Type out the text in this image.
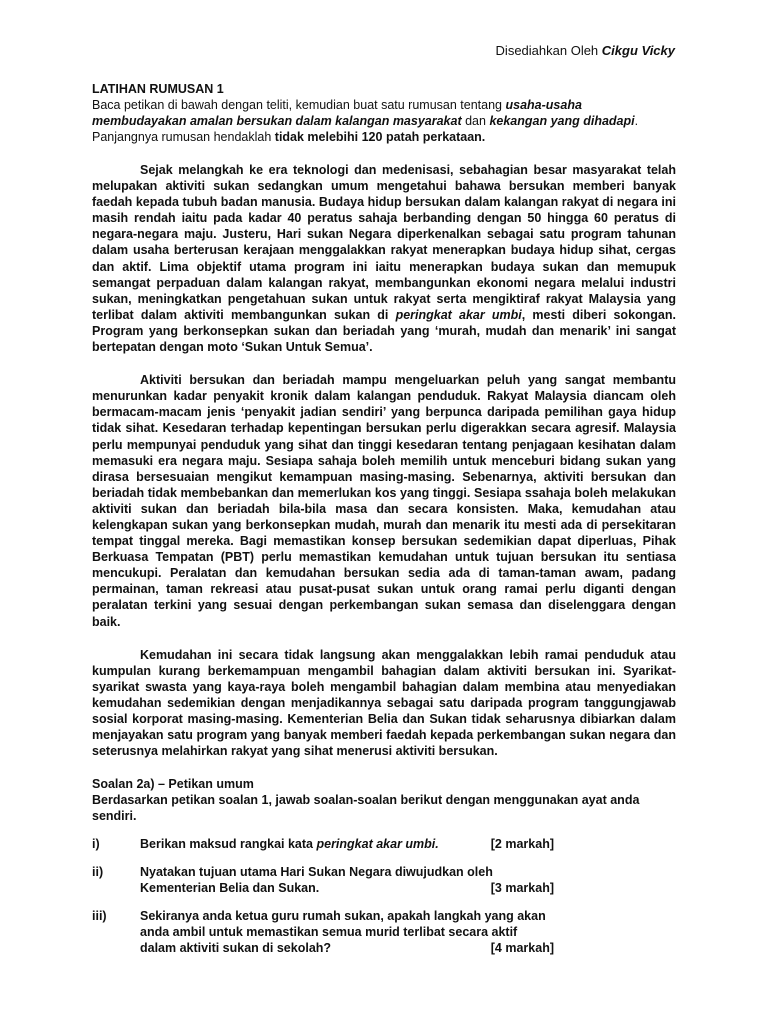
Disediahkan Oleh Cikgu Vicky

LATIHAN RUMUSAN 1

Baca petikan di bawah dengan teliti, kemudian buat satu rumusan tentang usaha-usaha membudayakan amalan bersukan dalam kalangan masyarakat dan kekangan yang dihadapi. Panjangnya rumusan hendaklah tidak melebihi 120 patah perkataan.

Sejak melangkah ke era teknologi dan medenisasi, sebahagian besar masyarakat telah melupakan aktiviti sukan sedangkan umum mengetahui bahawa bersukan memberi banyak faedah kepada tubuh badan manusia. Budaya hidup bersukan dalam kalangan rakyat di negara ini masih rendah iaitu pada kadar 40 peratus sahaja berbanding dengan 50 hingga 60 peratus di negara-negara maju. Justeru, Hari sukan Negara diperkenalkan sebagai satu program tahunan dalam usaha berterusan kerajaan menggalakkan rakyat menerapkan budaya hidup sihat, cergas dan aktif. Lima objektif utama program ini iaitu menerapkan budaya sukan dan memupuk semangat perpaduan dalam kalangan rakyat, membangunkan ekonomi negara melalui industri sukan, meningkatkan pengetahuan sukan untuk rakyat serta mengiktiraf rakyat Malaysia yang terlibat dalam aktiviti membangunkan sukan di peringkat akar umbi, mesti diberi sokongan. Program yang berkonsepkan sukan dan beriadah yang ‘murah, mudah dan menarik’ ini sangat bertepatan dengan moto ‘Sukan Untuk Semua’.

Aktiviti bersukan dan beriadah mampu mengeluarkan peluh yang sangat membantu menurunkan kadar penyakit kronik dalam kalangan penduduk. Rakyat Malaysia diancam oleh bermacam-macam jenis ‘penyakit jadian sendiri’ yang berpunca daripada pemilihan gaya hidup tidak sihat. Kesedaran terhadap kepentingan bersukan perlu digerakkan secara agresif. Malaysia perlu mempunyai penduduk yang sihat dan tinggi kesedaran tentang penjagaan kesihatan dalam memasuki era negara maju. Sesiapa sahaja boleh memilih untuk menceburi bidang sukan yang dirasa bersesuaian mengikut kemampuan masing-masing. Sebenarnya, aktiviti bersukan dan beriadah tidak membebankan dan memerlukan kos yang tinggi. Sesiapa ssahaja boleh melakukan aktiviti sukan dan beriadah bila-bila masa dan secara konsisten. Maka, kemudahan atau kelengkapan sukan yang berkonsepkan mudah, murah dan menarik itu mesti ada di persekitaran tempat tinggal mereka. Bagi memastikan konsep bersukan sedemikian dapat diperluas, Pihak Berkuasa Tempatan (PBT) perlu memastikan kemudahan untuk tujuan bersukan itu sentiasa mencukupi. Peralatan dan kemudahan bersukan sedia ada di taman-taman awam, padang permainan, taman rekreasi atau pusat-pusat sukan untuk orang ramai perlu diganti dengan peralatan terkini yang sesuai dengan perkembangan sukan semasa dan diselenggara dengan baik.

Kemudahan ini secara tidak langsung akan menggalakkan lebih ramai penduduk atau kumpulan kurang berkemampuan mengambil bahagian dalam aktiviti bersukan ini. Syarikat-syarikat swasta yang kaya-raya boleh mengambil bahagian dalam membina atau menyediakan kemudahan sedemikian dengan menjadikannya sebagai satu daripada program tanggungjawab sosial korporat masing-masing. Kementerian Belia dan Sukan tidak seharusnya dibiarkan dalam menjayakan satu program yang banyak memberi faedah kepada perkembangan sukan negara dan seterusnya melahirkan rakyat yang sihat menerusi aktiviti bersukan.

Soalan 2a) – Petikan umum

Berdasarkan petikan soalan 1, jawab soalan-soalan berikut dengan menggunakan ayat anda sendiri.

i)	Berikan maksud rangkai kata peringkat akar umbi.	[2 markah]
ii)	Nyatakan tujuan utama Hari Sukan Negara diwujudkan oleh Kementerian Belia dan Sukan.	[3 markah]
iii)	Sekiranya anda ketua guru rumah sukan, apakah langkah yang akan anda ambil untuk memastikan semua murid terlibat secara aktif dalam aktiviti sukan di sekolah?	[4 markah]
